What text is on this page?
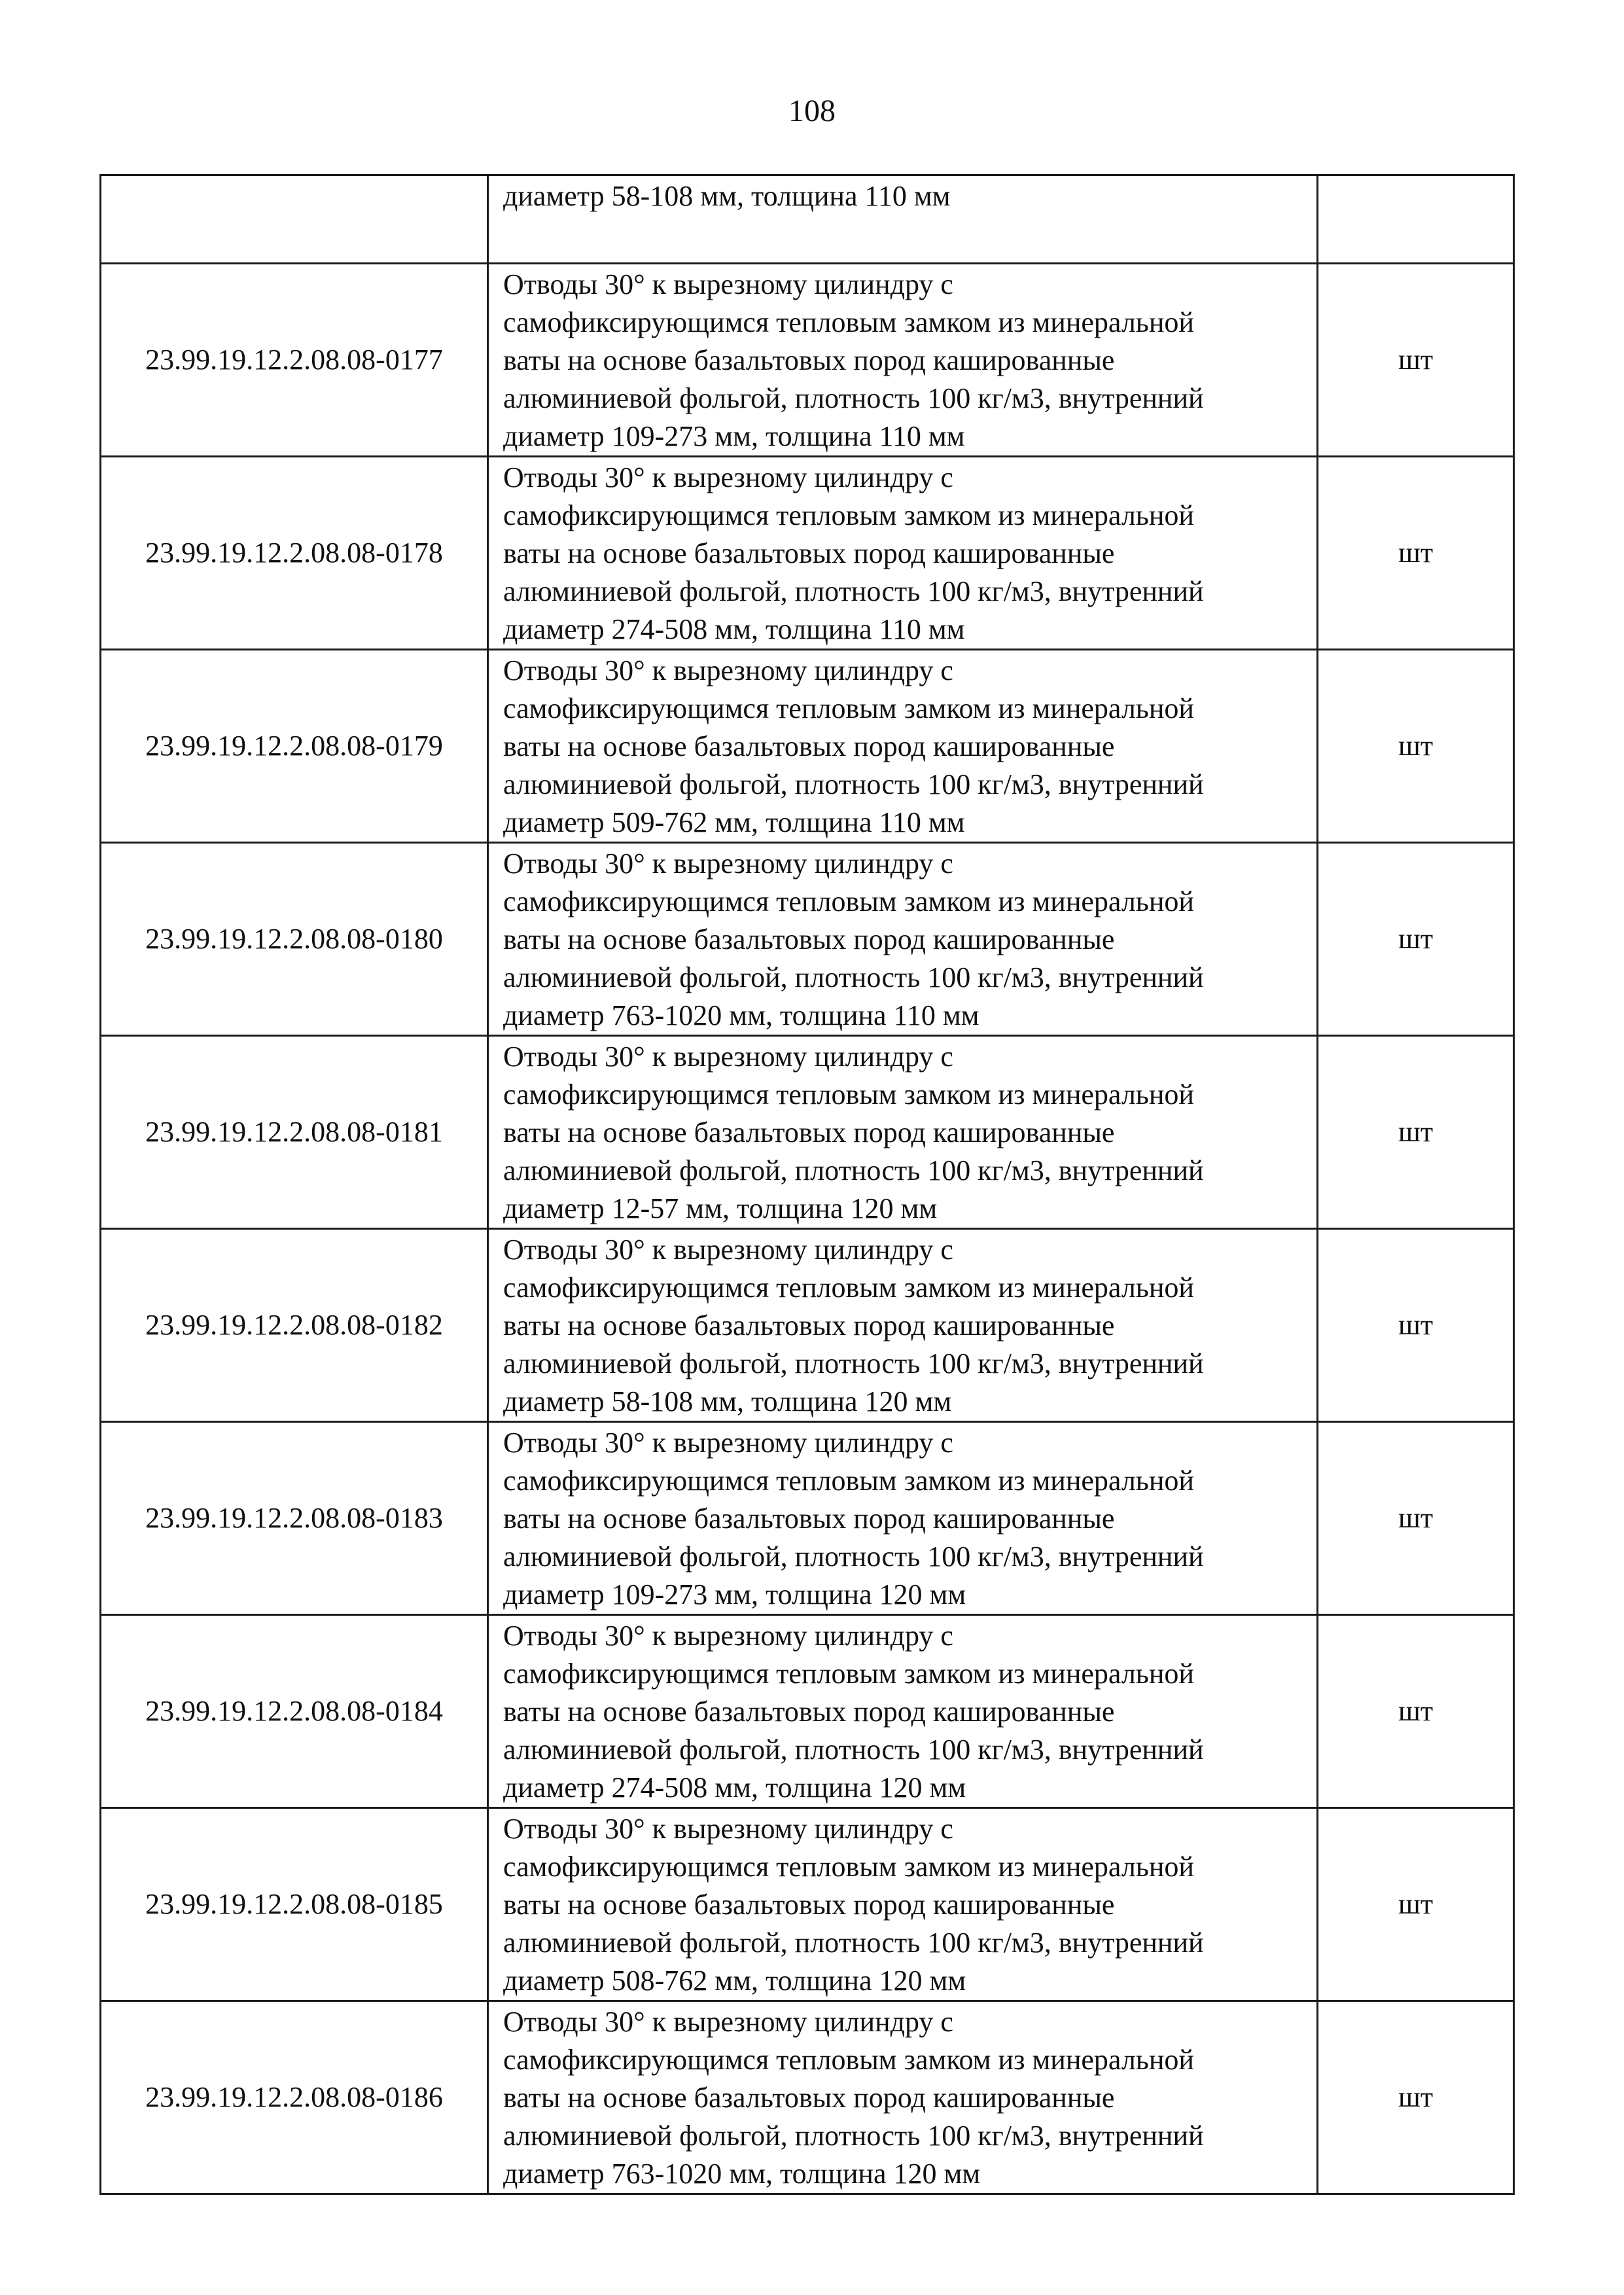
108
	диаметр 58-108 мм, толщина 110 мм	
23.99.19.12.2.08.08-0177	Отводы 30° к вырезному цилиндру с
самофиксирующимся тепловым замком из минеральной
ваты на основе базальтовых пород кашированные
алюминиевой фольгой, плотность 100 кг/м3, внутренний
диаметр 109-273 мм, толщина 110 мм	шт
23.99.19.12.2.08.08-0178	Отводы 30° к вырезному цилиндру с
самофиксирующимся тепловым замком из минеральной
ваты на основе базальтовых пород кашированные
алюминиевой фольгой, плотность 100 кг/м3, внутренний
диаметр 274-508 мм, толщина 110 мм	шт
23.99.19.12.2.08.08-0179	Отводы 30° к вырезному цилиндру с
самофиксирующимся тепловым замком из минеральной
ваты на основе базальтовых пород кашированные
алюминиевой фольгой, плотность 100 кг/м3, внутренний
диаметр 509-762 мм, толщина 110 мм	шт
23.99.19.12.2.08.08-0180	Отводы 30° к вырезному цилиндру с
самофиксирующимся тепловым замком из минеральной
ваты на основе базальтовых пород кашированные
алюминиевой фольгой, плотность 100 кг/м3, внутренний
диаметр 763-1020 мм, толщина 110 мм	шт
23.99.19.12.2.08.08-0181	Отводы 30° к вырезному цилиндру с
самофиксирующимся тепловым замком из минеральной
ваты на основе базальтовых пород кашированные
алюминиевой фольгой, плотность 100 кг/м3, внутренний
диаметр 12-57 мм, толщина 120 мм	шт
23.99.19.12.2.08.08-0182	Отводы 30° к вырезному цилиндру с
самофиксирующимся тепловым замком из минеральной
ваты на основе базальтовых пород кашированные
алюминиевой фольгой, плотность 100 кг/м3, внутренний
диаметр 58-108 мм, толщина 120 мм	шт
23.99.19.12.2.08.08-0183	Отводы 30° к вырезному цилиндру с
самофиксирующимся тепловым замком из минеральной
ваты на основе базальтовых пород кашированные
алюминиевой фольгой, плотность 100 кг/м3, внутренний
диаметр 109-273 мм, толщина 120 мм	шт
23.99.19.12.2.08.08-0184	Отводы 30° к вырезному цилиндру с
самофиксирующимся тепловым замком из минеральной
ваты на основе базальтовых пород кашированные
алюминиевой фольгой, плотность 100 кг/м3, внутренний
диаметр 274-508 мм, толщина 120 мм	шт
23.99.19.12.2.08.08-0185	Отводы 30° к вырезному цилиндру с
самофиксирующимся тепловым замком из минеральной
ваты на основе базальтовых пород кашированные
алюминиевой фольгой, плотность 100 кг/м3, внутренний
диаметр 508-762 мм, толщина 120 мм	шт
23.99.19.12.2.08.08-0186	Отводы 30° к вырезному цилиндру с
самофиксирующимся тепловым замком из минеральной
ваты на основе базальтовых пород кашированные
алюминиевой фольгой, плотность 100 кг/м3, внутренний
диаметр 763-1020 мм, толщина 120 мм	шт
